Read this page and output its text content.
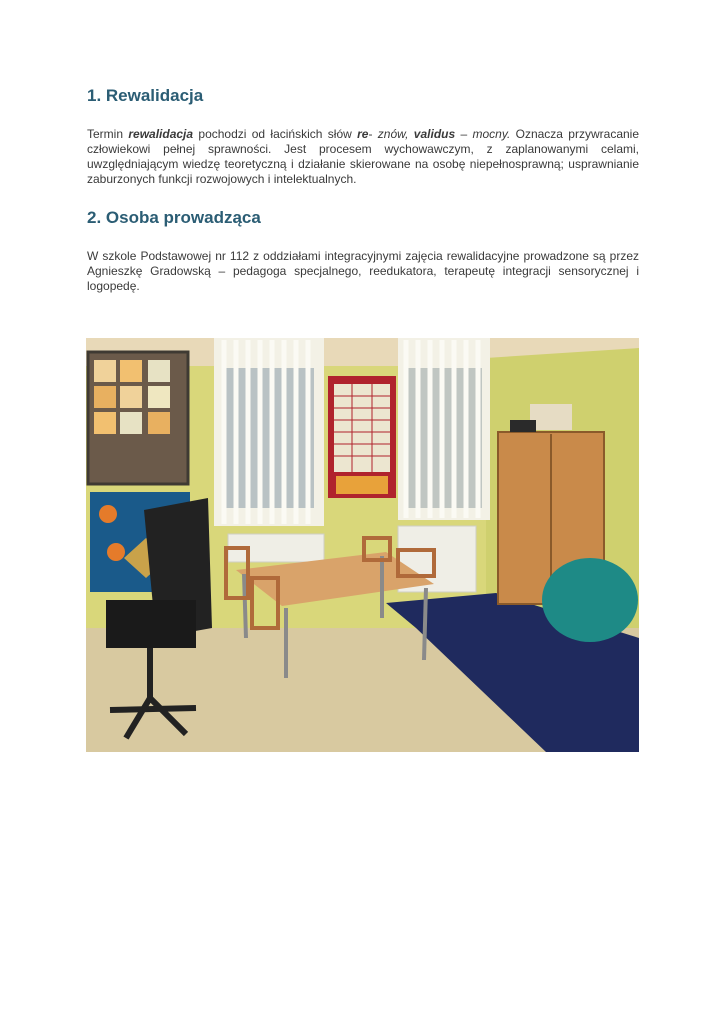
1. Rewalidacja

Termin rewalidacja pochodzi od łacińskich słów re- znów, validus – mocny. Oznacza przywracanie człowiekowi pełnej sprawności. Jest procesem wychowawczym, z zaplanowanymi celami, uwzględniającym wiedzę teoretyczną i działanie skierowane na osobę niepełnosprawną; usprawnianie zaburzonych funkcji rozwojowych i intelektualnych.

2. Osoba prowadząca

W szkole Podstawowej nr 112 z oddziałami integracyjnymi zajęcia rewalidacyjne prowadzone są przez Agnieszkę Gradowską – pedagoga specjalnego, reedukatora, terapeutę integracji sensorycznej i logopedę.
